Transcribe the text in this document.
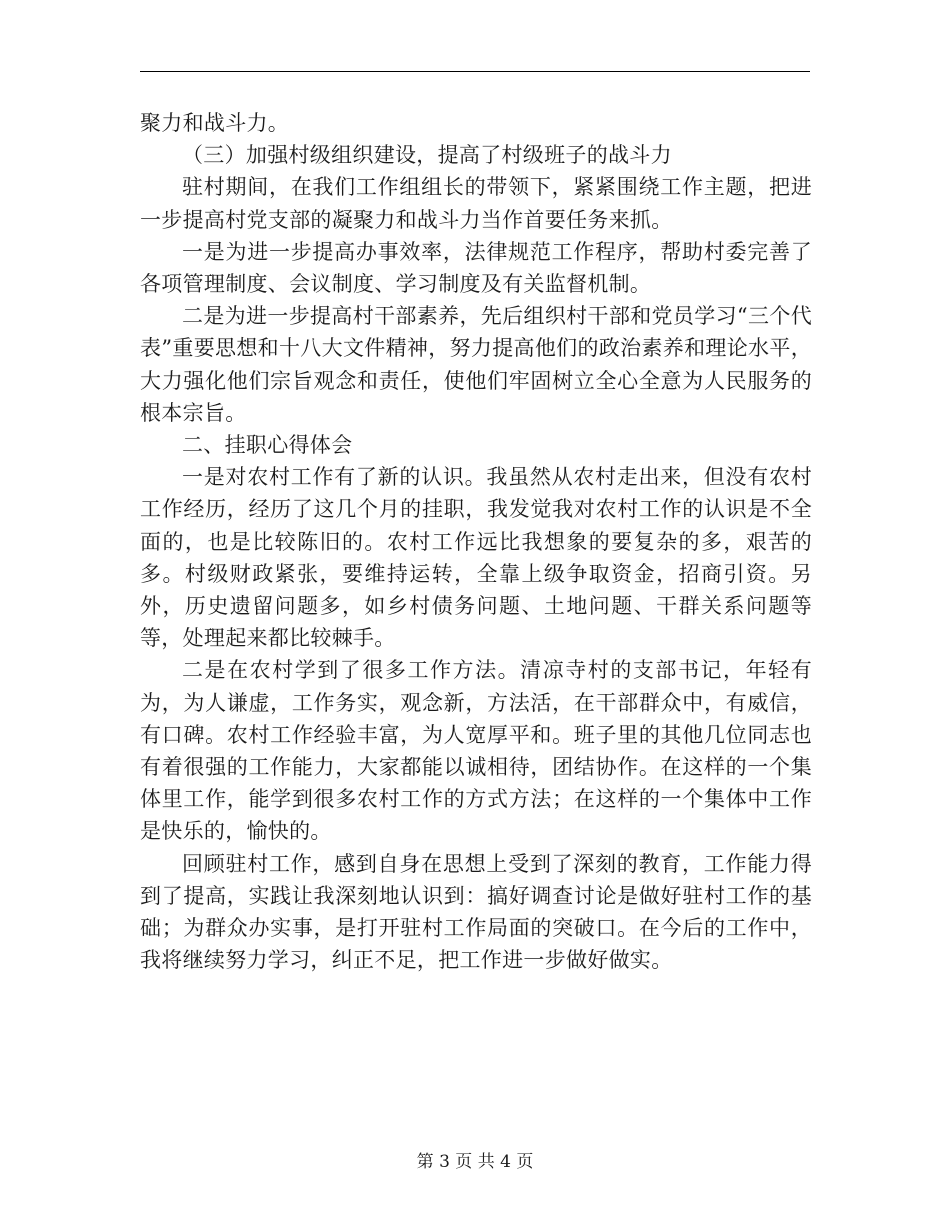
聚力和战斗力。

（三）加强村级组织建设，提高了村级班子的战斗力

驻村期间，在我们工作组组长的带领下，紧紧围绕工作主题，把进一步提高村党支部的凝聚力和战斗力当作首要任务来抓。

一是为进一步提高办事效率，法律规范工作程序，帮助村委完善了各项管理制度、会议制度、学习制度及有关监督机制。

二是为进一步提高村干部素养，先后组织村干部和党员学习“三个代表”重要思想和十八大文件精神，努力提高他们的政治素养和理论水平，大力强化他们宗旨观念和责任，使他们牢固树立全心全意为人民服务的根本宗旨。

二、挂职心得体会

一是对农村工作有了新的认识。我虽然从农村走出来，但没有农村工作经历，经历了这几个月的挂职，我发觉我对农村工作的认识是不全面的，也是比较陈旧的。农村工作远比我想象的要复杂的多，艰苦的多。村级财政紧张，要维持运转，全靠上级争取资金，招商引资。另外，历史遗留问题多，如乡村债务问题、土地问题、干群关系问题等等，处理起来都比较棘手。

二是在农村学到了很多工作方法。清凉寺村的支部书记，年轻有为，为人谦虚，工作务实，观念新，方法活，在干部群众中，有威信，有口碑。农村工作经验丰富，为人宽厚平和。班子里的其他几位同志也有着很强的工作能力，大家都能以诚相待，团结协作。在这样的一个集体里工作，能学到很多农村工作的方式方法；在这样的一个集体中工作是快乐的，愉快的。

回顾驻村工作，感到自身在思想上受到了深刻的教育，工作能力得到了提高，实践让我深刻地认识到：搞好调查讨论是做好驻村工作的基础；为群众办实事，是打开驻村工作局面的突破口。在今后的工作中，我将继续努力学习，纠正不足，把工作进一步做好做实。

第 3 页 共 4 页
